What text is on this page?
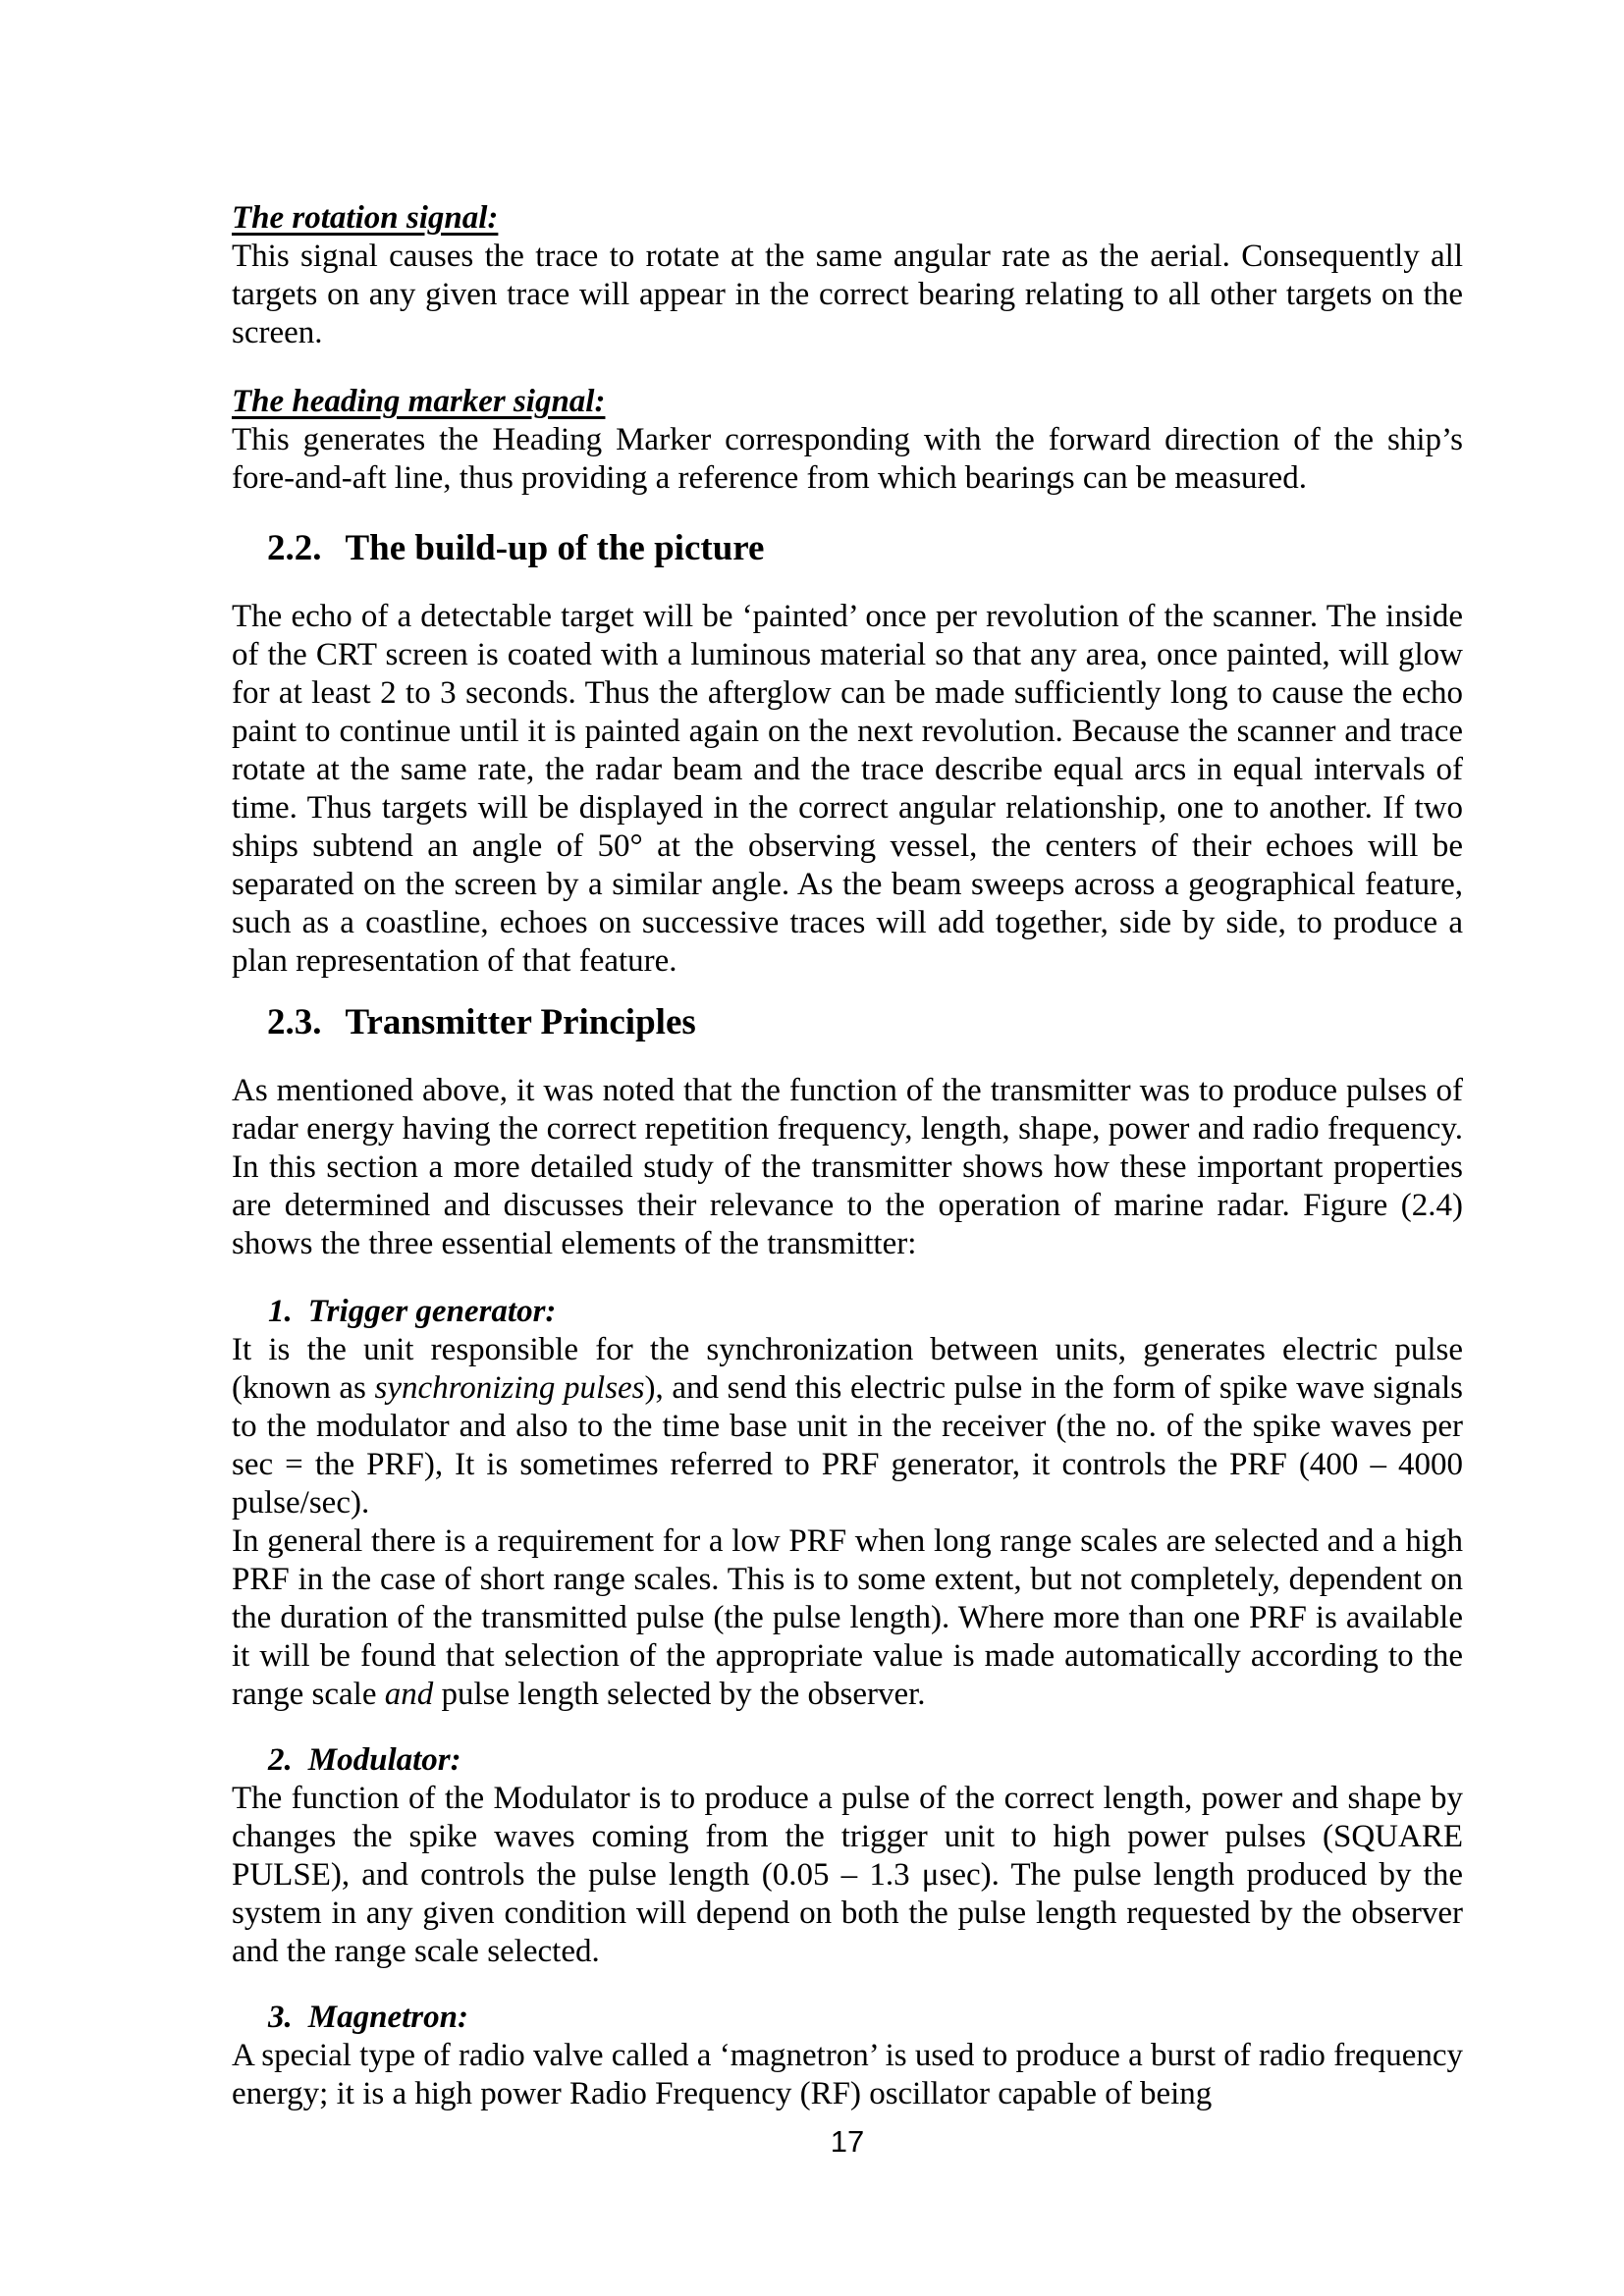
The rotation signal:

This signal causes the trace to rotate at the same angular rate as the aerial. Consequently all targets on any given trace will appear in the correct bearing relating to all other targets on the screen.

The heading marker signal:

This generates the Heading Marker corresponding with the forward direction of the ship’s fore-and-aft line, thus providing a reference from which bearings can be measured.

2.2. The build-up of the picture

The echo of a detectable target will be ‘painted’ once per revolution of the scanner. The inside of the CRT screen is coated with a luminous material so that any area, once painted, will glow for at least 2 to 3 seconds. Thus the afterglow can be made sufficiently long to cause the echo paint to continue until it is painted again on the next revolution. Because the scanner and trace rotate at the same rate, the radar beam and the trace describe equal arcs in equal intervals of time. Thus targets will be displayed in the correct angular relationship, one to another. If two ships subtend an angle of 50° at the observing vessel, the centers of their echoes will be separated on the screen by a similar angle. As the beam sweeps across a geographical feature, such as a coastline, echoes on successive traces will add together, side by side, to produce a plan representation of that feature.

2.3. Transmitter Principles

As mentioned above, it was noted that the function of the transmitter was to produce pulses of radar energy having the correct repetition frequency, length, shape, power and radio frequency. In this section a more detailed study of the transmitter shows how these important properties are determined and discusses their relevance to the operation of marine radar. Figure (2.4) shows the three essential elements of the transmitter:

1. Trigger generator:

It is the unit responsible for the synchronization between units, generates electric pulse (known as synchronizing pulses), and send this electric pulse in the form of spike wave signals to the modulator and also to the time base unit in the receiver (the no. of the spike waves per sec = the PRF), It is sometimes referred to PRF generator, it controls the PRF (400 – 4000 pulse/sec).

In general there is a requirement for a low PRF when long range scales are selected and a high PRF in the case of short range scales. This is to some extent, but not completely, dependent on the duration of the transmitted pulse (the pulse length). Where more than one PRF is available it will be found that selection of the appropriate value is made automatically according to the range scale and pulse length selected by the observer.

2. Modulator:

The function of the Modulator is to produce a pulse of the correct length, power and shape by changes the spike waves coming from the trigger unit to high power pulses (SQUARE PULSE), and controls the pulse length (0.05 – 1.3 μsec). The pulse length produced by the system in any given condition will depend on both the pulse length requested by the observer and the range scale selected.

3. Magnetron:

A special type of radio valve called a ‘magnetron’ is used to produce a burst of radio frequency energy; it is a high power Radio Frequency (RF) oscillator capable of being

17
